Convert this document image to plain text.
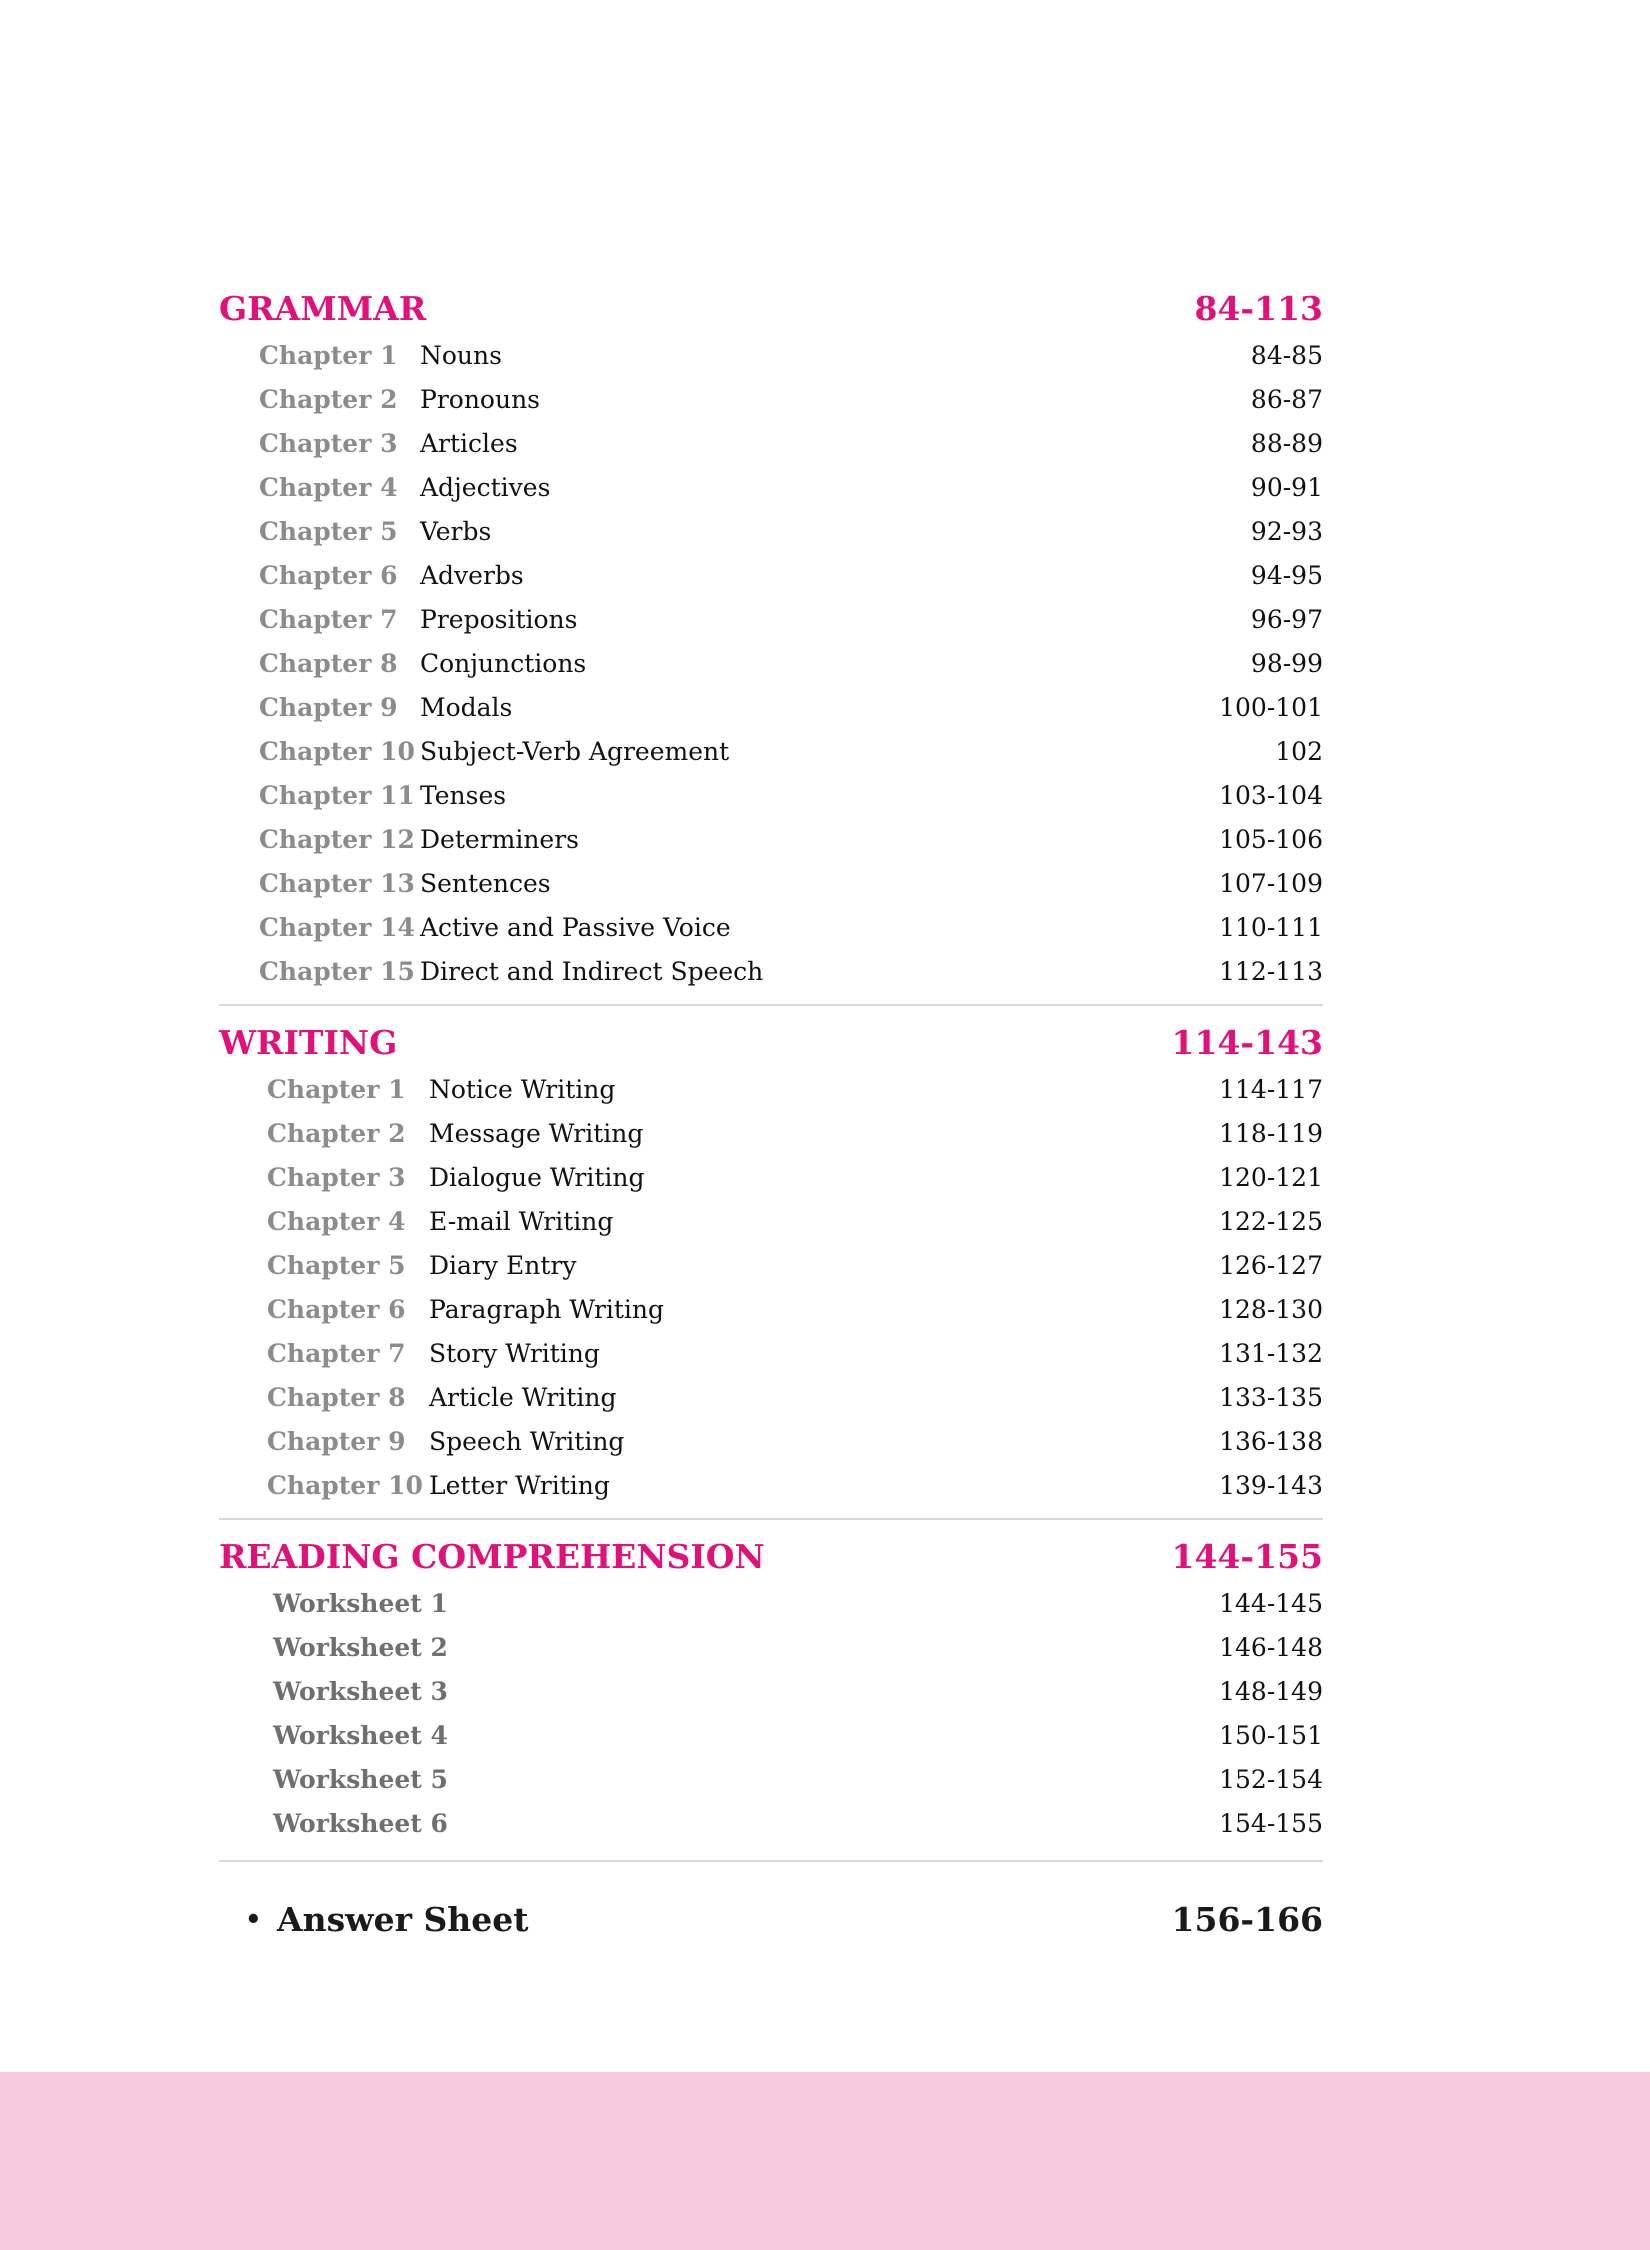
GRAMMAR	84-113
Chapter 1 Nouns	84-85
Chapter 2 Pronouns	86-87
Chapter 3 Articles	88-89
Chapter 4 Adjectives	90-91
Chapter 5 Verbs	92-93
Chapter 6 Adverbs	94-95
Chapter 7 Prepositions	96-97
Chapter 8 Conjunctions	98-99
Chapter 9 Modals	100-101
Chapter 10 Subject-Verb Agreement	102
Chapter 11 Tenses	103-104
Chapter 12 Determiners	105-106
Chapter 13 Sentences	107-109
Chapter 14 Active and Passive Voice	110-111
Chapter 15 Direct and Indirect Speech	112-113
WRITING	114-143
Chapter 1 Notice Writing	114-117
Chapter 2 Message Writing	118-119
Chapter 3 Dialogue Writing	120-121
Chapter 4 E-mail Writing	122-125
Chapter 5 Diary Entry	126-127
Chapter 6 Paragraph Writing	128-130
Chapter 7 Story Writing	131-132
Chapter 8 Article Writing	133-135
Chapter 9 Speech Writing	136-138
Chapter 10 Letter Writing	139-143
READING COMPREHENSION	144-155
Worksheet 1	144-145
Worksheet 2	146-148
Worksheet 3	148-149
Worksheet 4	150-151
Worksheet 5	152-154
Worksheet 6	154-155
• Answer Sheet	156-166
